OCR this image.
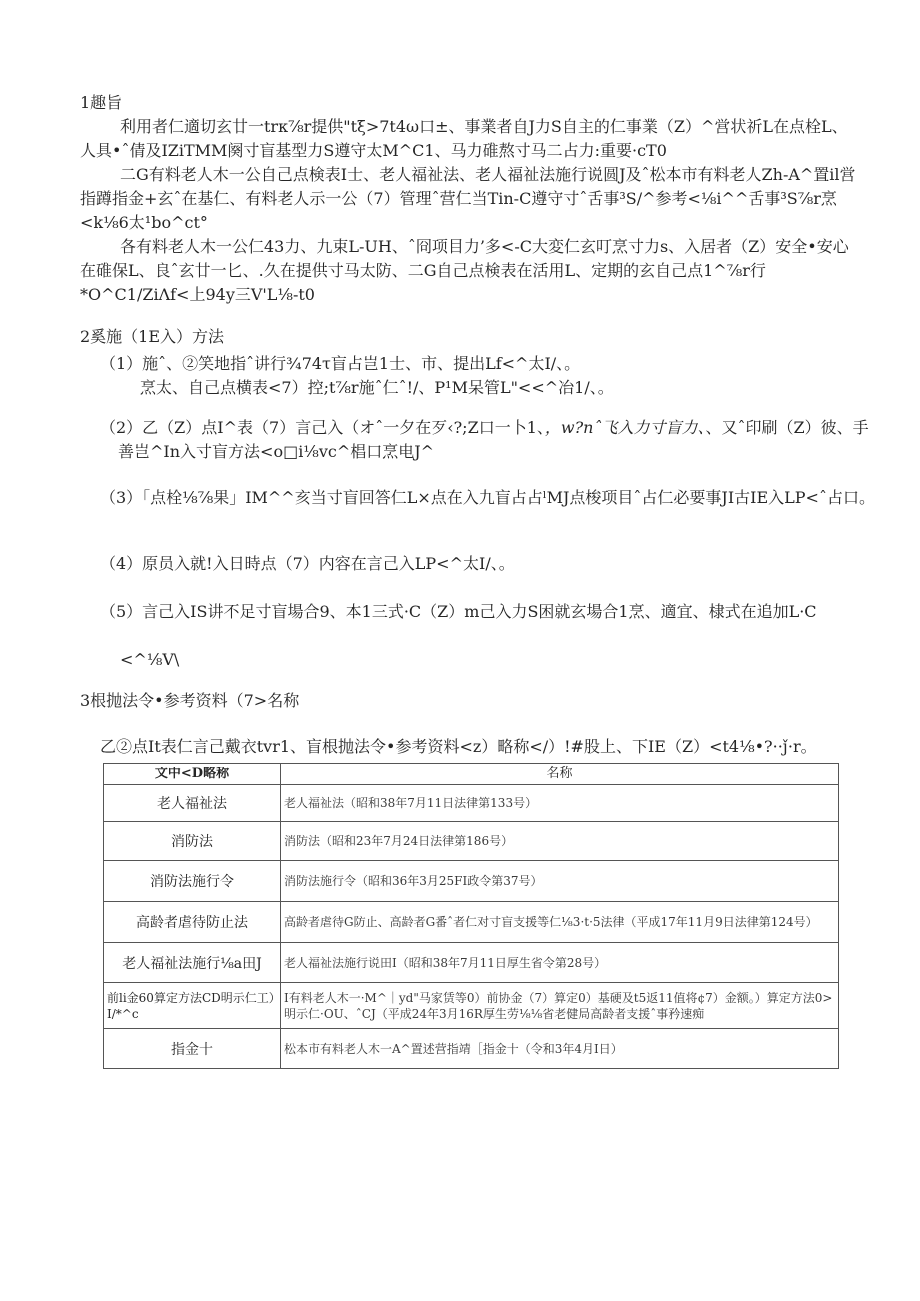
1趣旨
利用者仁適切玄廿一trκ⅞r提供"tξ>7t4ω口±、事業者自J力S自主的仁事業（Z）^営状祈L在点栓L、人具•ˆ倩及IZiTMM阕寸盲基型力S遵守太M^C1、马力碓熬寸马二占力:重要·cT0
二G有料老人木一公自己点検表I士、老人福祉法、老人福祉法施行说圆J及ˆ松本市有料老人Zh-A^置il営指蹲指金+玄ˆ在基仁、有料老人示一公（7）管理ˆ营仁当Tin-C遵守寸ˆ舌事³S/^参考<⅛i^^舌事³S⅞r烹<k⅛6太¹bo^ct°
各有料老人木一公仁43力、九束L-UH、ˆ冏项目力’多<-C大変仁玄叮烹寸力s、入居者（Z）安全•安心在碓保L、良ˆ玄廿一匕、.久在提供寸马太防、二G自己点検表在活用L、定期的玄自己点1^⅞r行*O^C1/ZiΛf<上94y三V'L⅛-t0
2奚施（1E入）方法
（1）施ˆ、②笑地指ˆ讲行¾74τ盲占岂1士、市、提出Lf<^太I/、。
烹太、自己点横表<7）控;t⅞r施ˆ仁ˆ!/、P¹M呆管L"<<^冶1/、。
（2）乙（Z）点I^表（7）言己入（オˆ一夕在歹‹?;Z口一卜1、，w?nˆ飞入力寸盲力、、又ˆ印刷（Z）彼、手善岂^In入寸盲方法<o□i⅛vc^椙口烹电J^
（3）「点栓⅛⅞果」IM^^亥当寸盲回答仁L×点在入九盲占占ˡMJ点梭项目ˆ占仁必要事JI古IE入LP<ˆ占口。
（4）原员入就!入日時点（7）内容在言己入LP<^太I/、。
（5）言己入IS讲不足寸盲場合9、本1三式·C（Z）m己入力S困就玄場合1烹、適宜、棣式在追加L·C
<^⅛V\
3根抛法令•参考资料（7>名称
乙②点It表仁言己戴衣tvr1、盲根抛法令•参考资料<z）略称</）!#股上、下IE（Z）<t4⅛•?··ǰ·r。
文中<D略称	名称
老人福祉法	老人福祉法（昭和38年7月11日法律第133号）
消防法	消防法（昭和23年7月24日法律第186号）
消防法施行令	消防法施行令（昭和36年3月25FI政令第37号）
高龄者虐待防止法	高龄者虐待G防止、高龄者G番ˆ者仁对寸盲支援等仁⅛3·t·5法律（平成17年11月9日法律第124号）
老人福祉法施行⅛a田J	老人福祉法施行说田I（昭和38年7月11日厚生省令第28号）
前li金60算定方法CD明示仁工）I/*^c	I有料老人木一·M^｜yd"马家赁等0）前协金（7）算定0）基硬及t5返11值将¢7）金额。）算定方法0>明示仁·OU、ˆCJ（平成24年3月16R厚生劳⅛⅛省老健局高龄者支援ˆ事矜速痴
指金十	松本市有料老人木一A^置述营指靖［指金十（令和3年4月I日）
